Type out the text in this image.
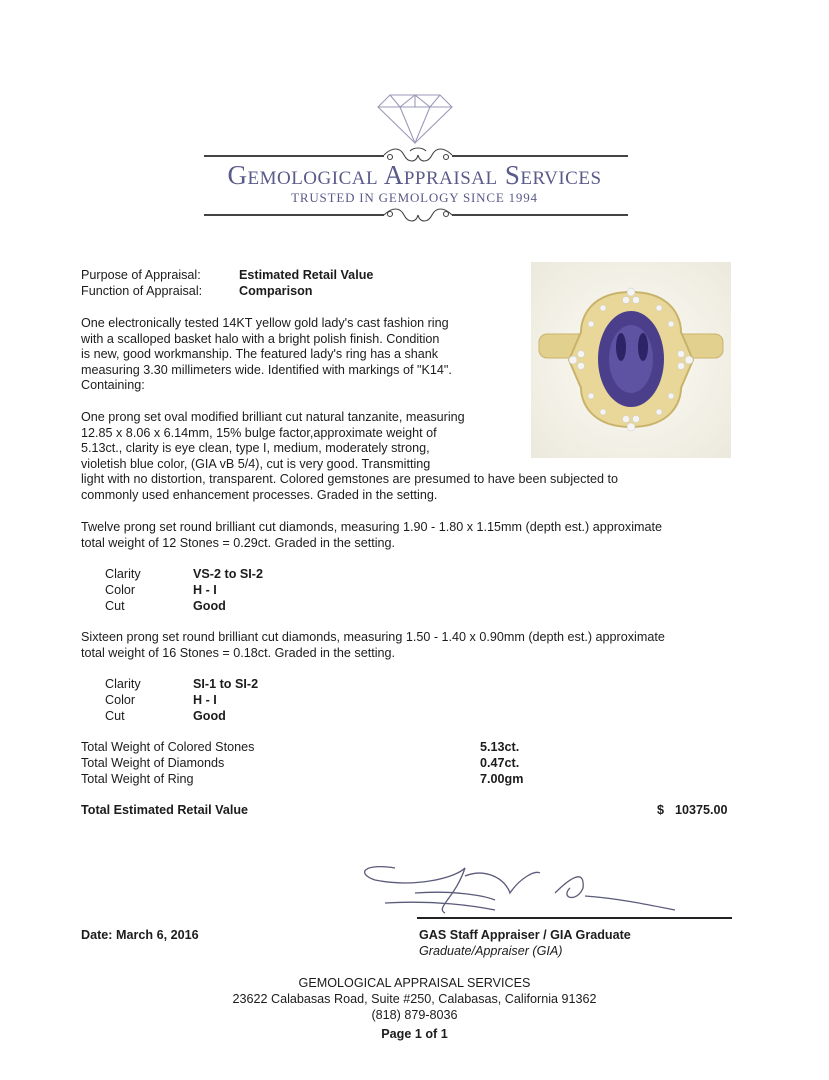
Gemological Appraisal Services
TRUSTED IN GEMOLOGY SINCE 1994
Purpose of Appraisal:	Estimated Retail Value
Function of Appraisal:	Comparison
One electronically tested 14KT yellow gold lady's cast fashion ring
with a scalloped basket halo with a bright polish finish. Condition
is new, good workmanship. The featured lady's ring has a shank
measuring 3.30 millimeters wide. Identified with markings of "K14".
Containing:
One prong set oval modified brilliant cut natural tanzanite, measuring
12.85 x 8.06 x 6.14mm, 15% bulge factor,approximate weight of
5.13ct., clarity is eye clean, type I, medium, moderately strong,
violetish blue color, (GIA vB 5/4), cut is very good. Transmitting
light with no distortion, transparent. Colored gemstones are presumed to have been subjected to
commonly used enhancement processes. Graded in the setting.
Twelve prong set round brilliant cut diamonds, measuring 1.90 - 1.80 x 1.15mm (depth est.) approximate
total weight of 12 Stones = 0.29ct. Graded in the setting.
Clarity	VS-2 to SI-2
Color	H - I
Cut	Good
Sixteen prong set round brilliant cut diamonds, measuring 1.50 - 1.40 x 0.90mm (depth est.) approximate
total weight of 16 Stones = 0.18ct. Graded in the setting.
Clarity	SI-1 to SI-2
Color	H - I
Cut	Good
Total Weight of Colored Stones	5.13ct.
Total Weight of Diamonds	0.47ct.
Total Weight of Ring	7.00gm
Total Estimated Retail Value	$ 10375.00
Date: March 6, 2016	GAS Staff Appraiser / GIA Graduate
Graduate/Appraiser (GIA)
GEMOLOGICAL APPRAISAL SERVICES
23622 Calabasas Road, Suite #250, Calabasas, California 91362
(818) 879-8036
Page 1 of 1
